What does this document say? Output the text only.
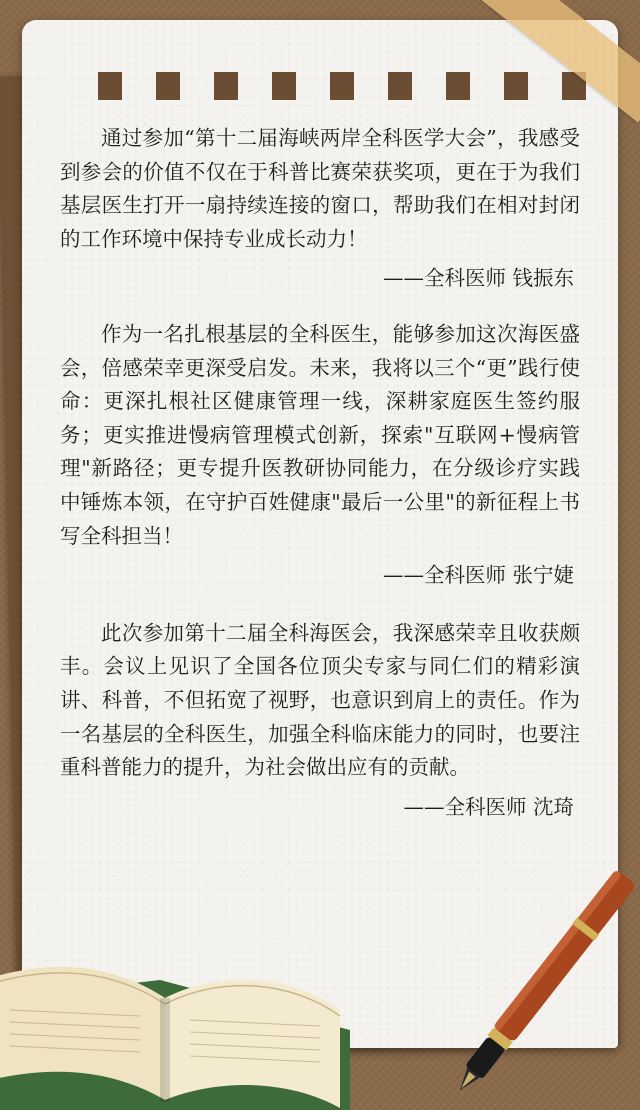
通过参加“第十二届海峡两岸全科医学大会”，我感受到参会的价值不仅在于科普比赛荣获奖项，更在于为我们基层医生打开一扇持续连接的窗口，帮助我们在相对封闭的工作环境中保持专业成长动力！

——全科医师 钱振东

作为一名扎根基层的全科医生，能够参加这次海医盛会，倍感荣幸更深受启发。未来，我将以三个“更”践行使命：更深扎根社区健康管理一线，深耕家庭医生签约服务；更实推进慢病管理模式创新，探索"互联网+慢病管理"新路径；更专提升医教研协同能力，在分级诊疗实践中锤炼本领，在守护百姓健康"最后一公里"的新征程上书写全科担当！

——全科医师 张宁婕

此次参加第十二届全科海医会，我深感荣幸且收获颇丰。会议上见识了全国各位顶尖专家与同仁们的精彩演讲、科普，不但拓宽了视野，也意识到肩上的责任。作为一名基层的全科医生，加强全科临床能力的同时，也要注重科普能力的提升，为社会做出应有的贡献。

——全科医师 沈琦
